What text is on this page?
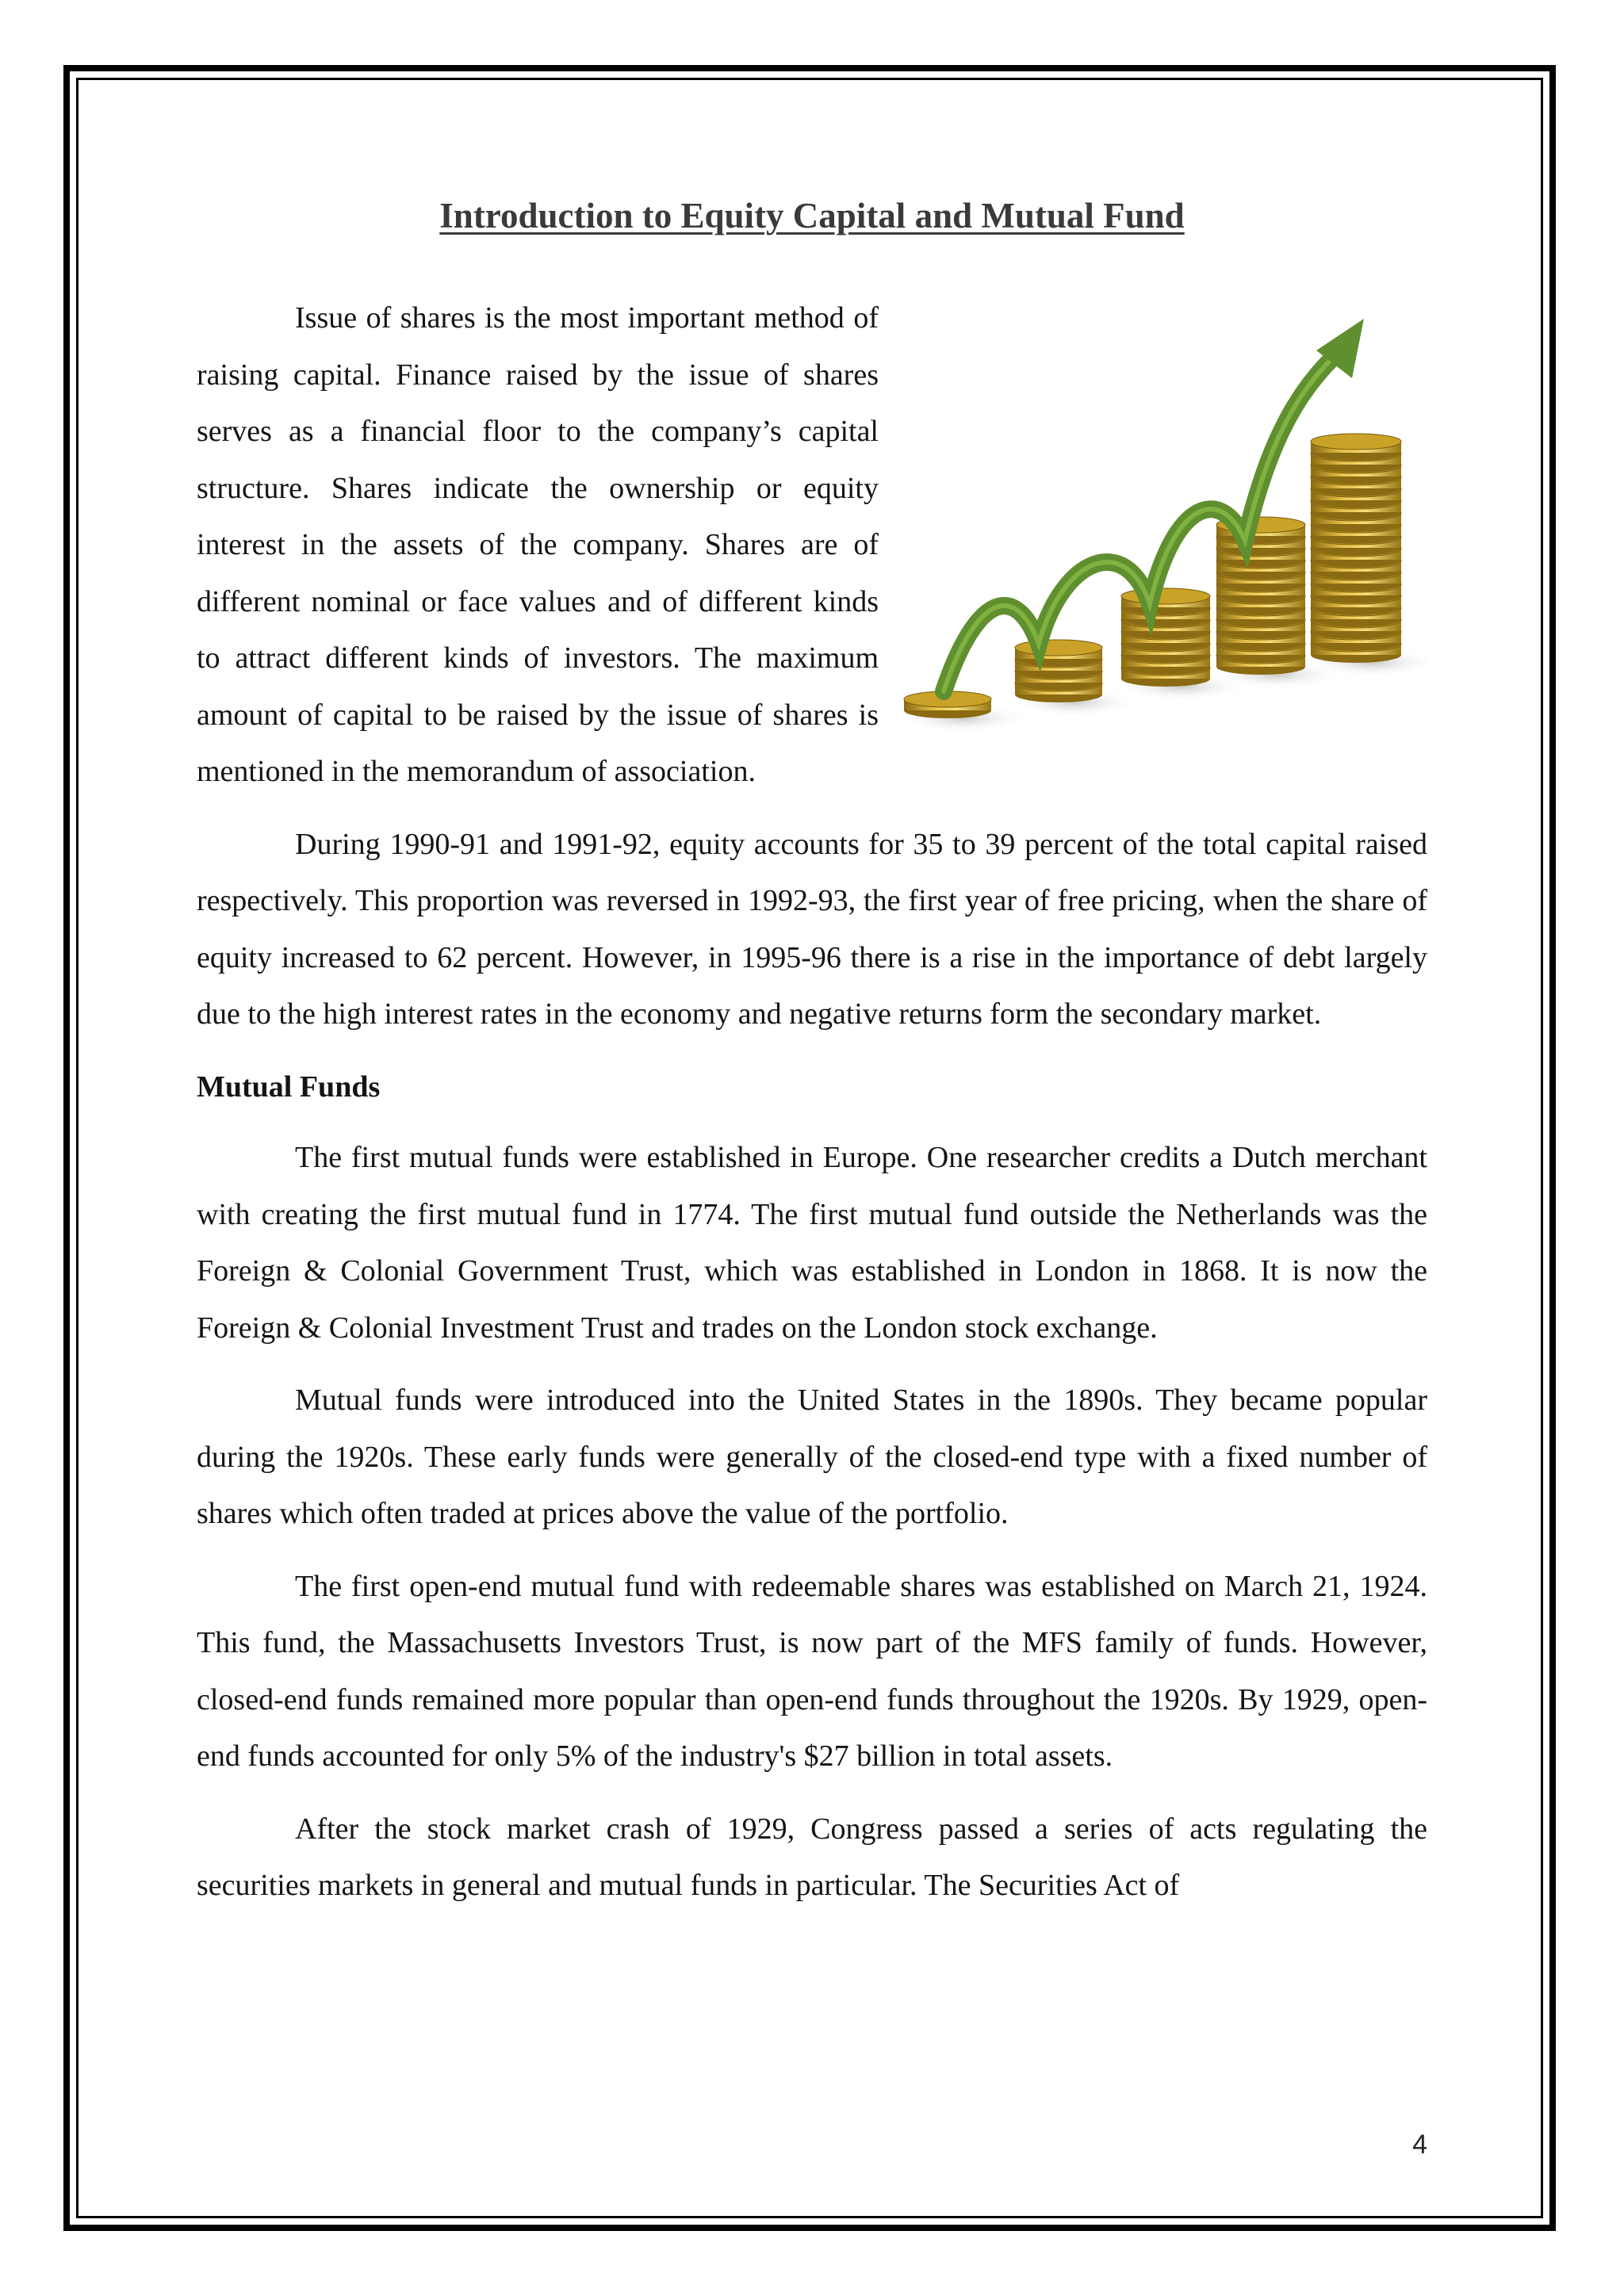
Introduction to Equity Capital and Mutual Fund

Issue of shares is the most important method of raising capital. Finance raised by the issue of shares serves as a financial floor to the company’s capital structure. Shares indicate the ownership or equity interest in the assets of the company. Shares are of different nominal or face values and of different kinds to attract different kinds of investors. The maximum amount of capital to be raised by the issue of shares is mentioned in the memorandum of association.

During 1990-91 and 1991-92, equity accounts for 35 to 39 percent of the total capital raised respectively. This proportion was reversed in 1992-93, the first year of free pricing, when the share of equity increased to 62 percent. However, in 1995-96 there is a rise in the importance of debt largely due to the high interest rates in the economy and negative returns form the secondary market.

Mutual Funds

The first mutual funds were established in Europe. One researcher credits a Dutch merchant with creating the first mutual fund in 1774. The first mutual fund outside the Netherlands was the Foreign & Colonial Government Trust, which was established in London in 1868. It is now the Foreign & Colonial Investment Trust and trades on the London stock exchange.

Mutual funds were introduced into the United States in the 1890s. They became popular during the 1920s. These early funds were generally of the closed-end type with a fixed number of shares which often traded at prices above the value of the portfolio.

The first open-end mutual fund with redeemable shares was established on March 21, 1924. This fund, the Massachusetts Investors Trust, is now part of the MFS family of funds. However, closed-end funds remained more popular than open-end funds throughout the 1920s. By 1929, open-end funds accounted for only 5% of the industry's $27 billion in total assets.

After the stock market crash of 1929, Congress passed a series of acts regulating the securities markets in general and mutual funds in particular. The Securities Act of

4
